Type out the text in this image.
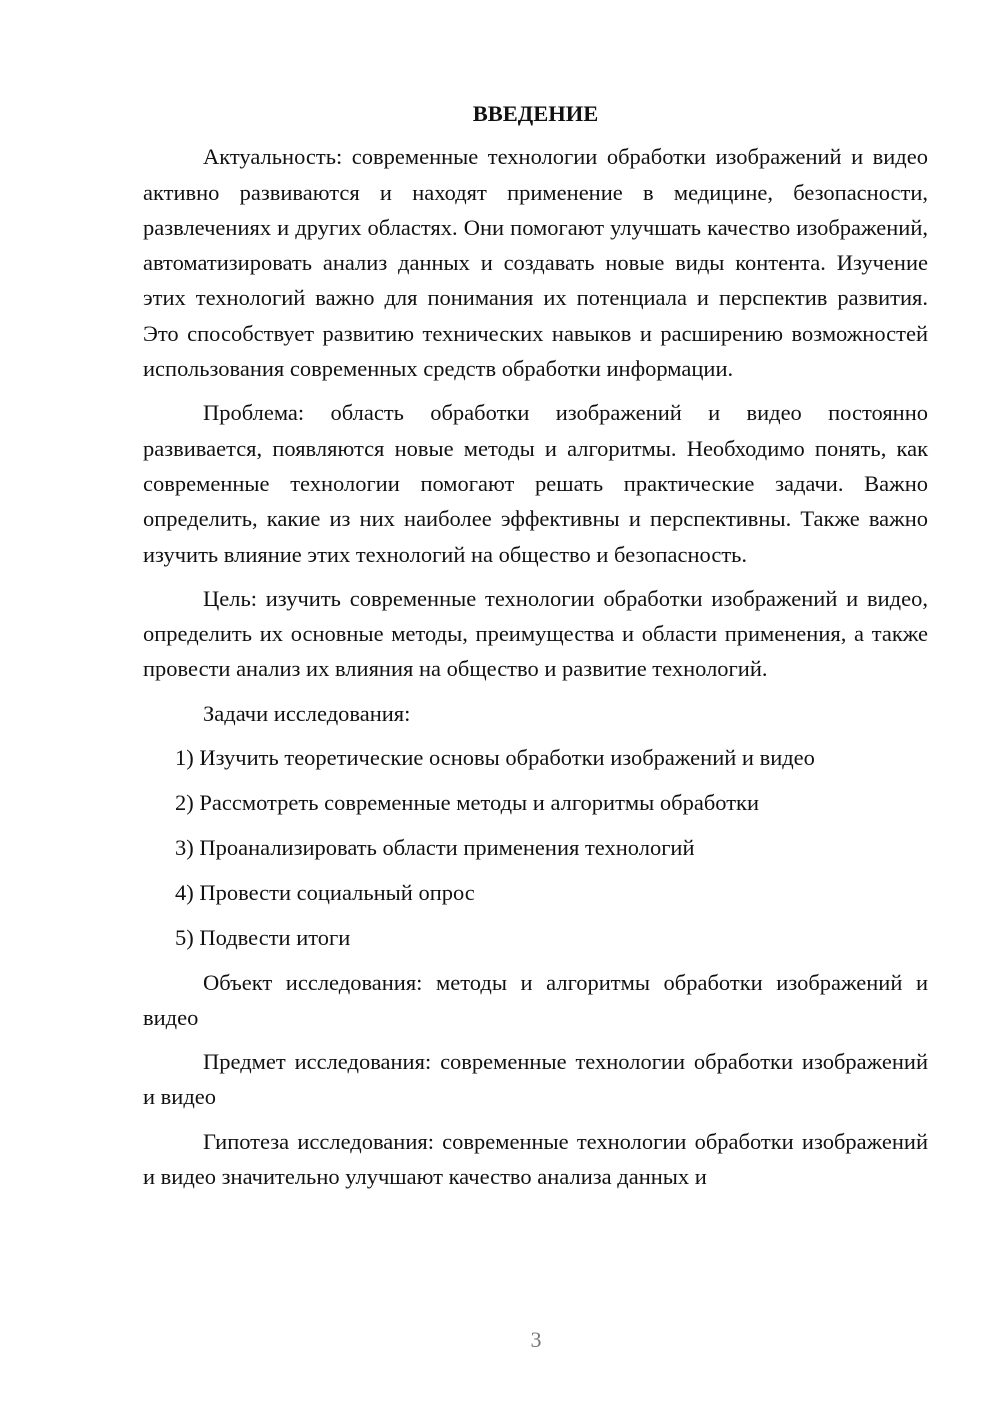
ВВЕДЕНИЕ

Актуальность: современные технологии обработки изображений и видео активно развиваются и находят применение в медицине, безопасности, развлечениях и других областях. Они помогают улучшать качество изображений, автоматизировать анализ данных и создавать новые виды контента. Изучение этих технологий важно для понимания их потенциала и перспектив развития. Это способствует развитию технических навыков и расширению возможностей использования современных средств обработки информации.

Проблема: область обработки изображений и видео постоянно развивается, появляются новые методы и алгоритмы. Необходимо понять, как современные технологии помогают решать практические задачи. Важно определить, какие из них наиболее эффективны и перспективны. Также важно изучить влияние этих технологий на общество и безопасность.

Цель: изучить современные технологии обработки изображений и видео, определить их основные методы, преимущества и области применения, а также провести анализ их влияния на общество и развитие технологий.

Задачи исследования:

1) Изучить теоретические основы обработки изображений и видео
2) Рассмотреть современные методы и алгоритмы обработки
3) Проанализировать области применения технологий
4) Провести социальный опрос
5) Подвести итоги

Объект исследования: методы и алгоритмы обработки изображений и видео

Предмет исследования: современные технологии обработки изображений и видео

Гипотеза исследования: современные технологии обработки изображений и видео значительно улучшают качество анализа данных и

3
